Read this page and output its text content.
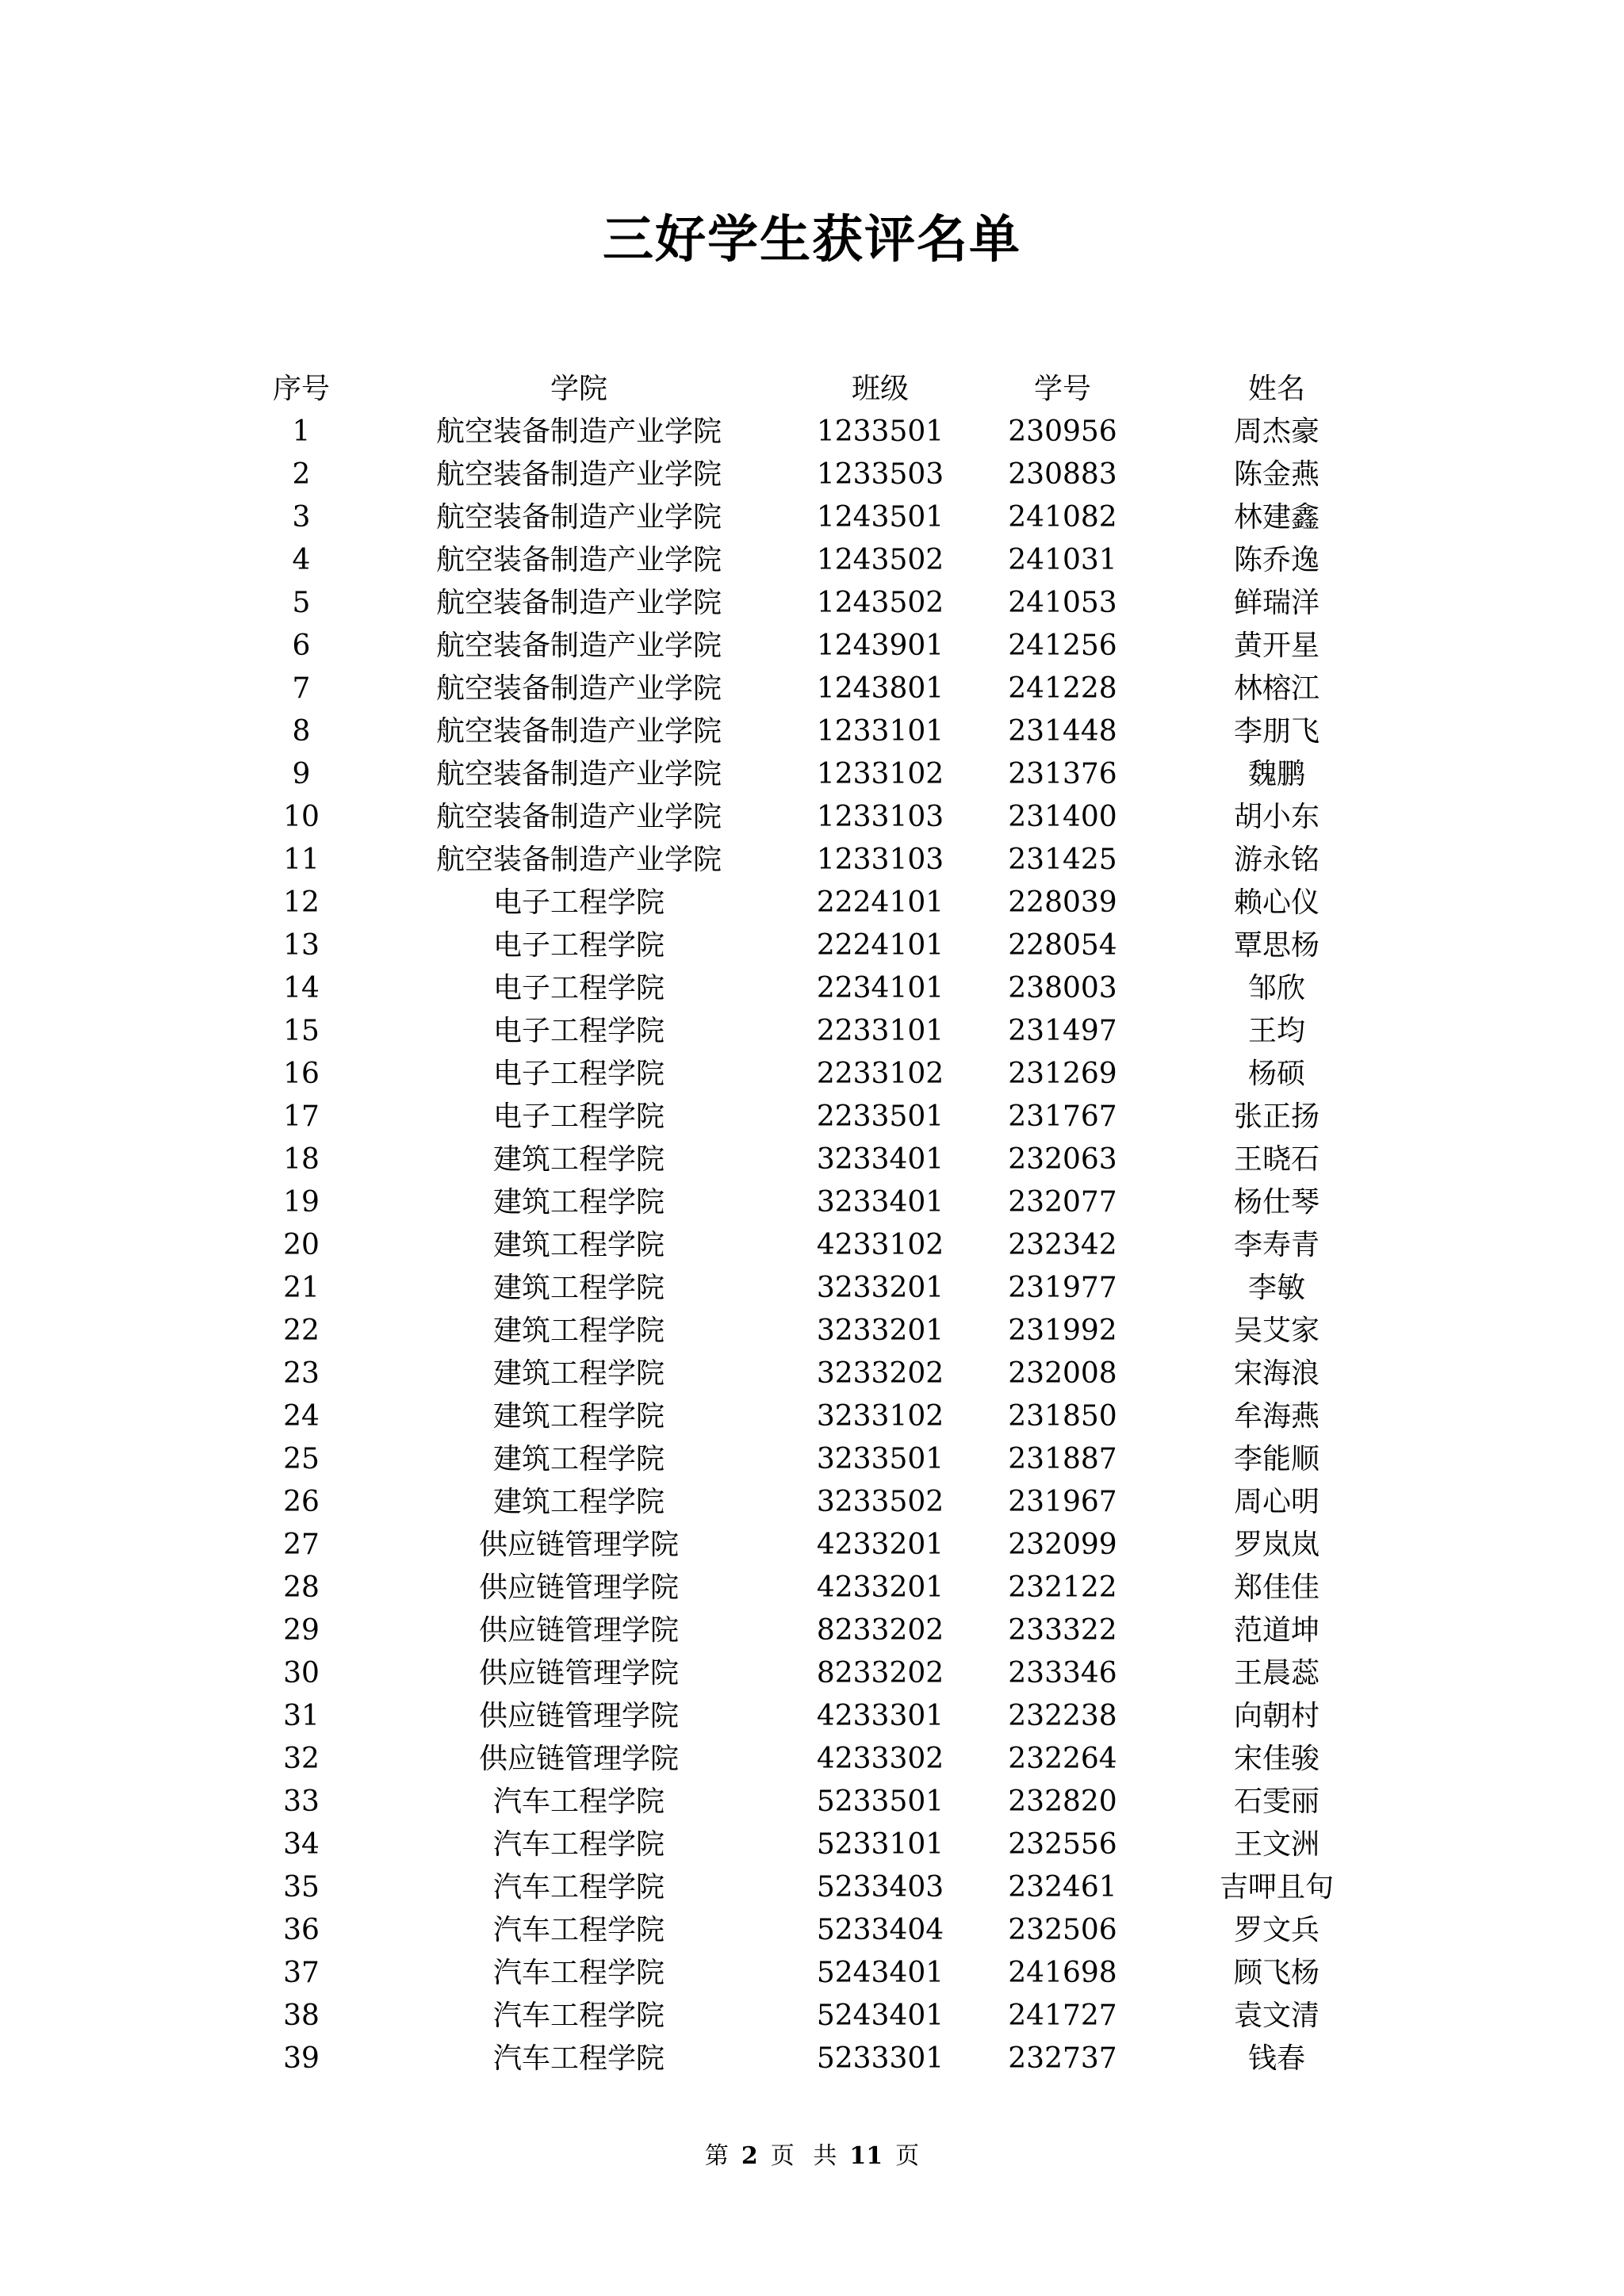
三好学生获评名单
序号	学院	班级	学号	姓名
1	航空装备制造产业学院	1233501	230956	周杰豪
2	航空装备制造产业学院	1233503	230883	陈金燕
3	航空装备制造产业学院	1243501	241082	林建鑫
4	航空装备制造产业学院	1243502	241031	陈乔逸
5	航空装备制造产业学院	1243502	241053	鲜瑞洋
6	航空装备制造产业学院	1243901	241256	黄开星
7	航空装备制造产业学院	1243801	241228	林榕江
8	航空装备制造产业学院	1233101	231448	李朋飞
9	航空装备制造产业学院	1233102	231376	魏鹏
10	航空装备制造产业学院	1233103	231400	胡小东
11	航空装备制造产业学院	1233103	231425	游永铭
12	电子工程学院	2224101	228039	赖心仪
13	电子工程学院	2224101	228054	覃思杨
14	电子工程学院	2234101	238003	邹欣
15	电子工程学院	2233101	231497	王均
16	电子工程学院	2233102	231269	杨硕
17	电子工程学院	2233501	231767	张正扬
18	建筑工程学院	3233401	232063	王晓石
19	建筑工程学院	3233401	232077	杨仕琴
20	建筑工程学院	4233102	232342	李寿青
21	建筑工程学院	3233201	231977	李敏
22	建筑工程学院	3233201	231992	吴艾家
23	建筑工程学院	3233202	232008	宋海浪
24	建筑工程学院	3233102	231850	牟海燕
25	建筑工程学院	3233501	231887	李能顺
26	建筑工程学院	3233502	231967	周心明
27	供应链管理学院	4233201	232099	罗岚岚
28	供应链管理学院	4233201	232122	郑佳佳
29	供应链管理学院	8233202	233322	范道坤
30	供应链管理学院	8233202	233346	王晨蕊
31	供应链管理学院	4233301	232238	向朝村
32	供应链管理学院	4233302	232264	宋佳骏
33	汽车工程学院	5233501	232820	石雯丽
34	汽车工程学院	5233101	232556	王文洲
35	汽车工程学院	5233403	232461	吉呷且句
36	汽车工程学院	5233404	232506	罗文兵
37	汽车工程学院	5243401	241698	顾飞杨
38	汽车工程学院	5243401	241727	袁文清
39	汽车工程学院	5233301	232737	钱春
第 2 页 共 11 页
